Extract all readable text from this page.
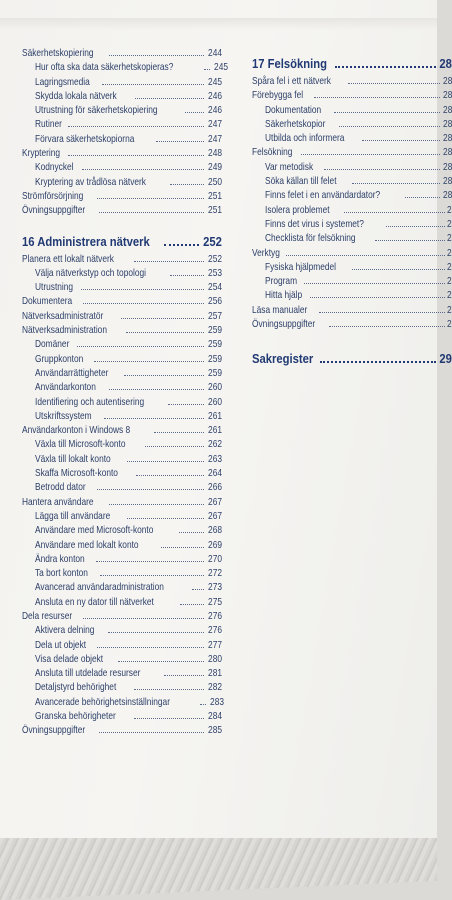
Säkerhetskopiering	244
Hur ofta ska data säkerhetskopieras?	245
Lagringsmedia	245
Skydda lokala nätverk	246
Utrustning för säkerhetskopiering	246
Rutiner	247
Förvara säkerhetskopiorna	247
Kryptering	248
Kodnyckel	249
Kryptering av trådlösa nätverk	250
Strömförsörjning	251
Övningsuppgifter	251
16 Administrera nätverk	252
Planera ett lokalt nätverk	252
Välja nätverkstyp och topologi	253
Utrustning	254
Dokumentera	256
Nätverksadministratör	257
Nätverksadministration	259
Domäner	259
Gruppkonton	259
Användarrättigheter	259
Användarkonton	260
Identifiering och autentisering	260
Utskriftssystem	261
Användarkonton i Windows 8	261
Växla till Microsoft-konto	262
Växla till lokalt konto	263
Skaffa Microsoft-konto	264
Betrodd dator	266
Hantera användare	267
Lägga till användare	267
Användare med Microsoft-konto	268
Användare med lokalt konto	269
Ändra konton	270
Ta bort konton	272
Avancerad användaradministration	273
Ansluta en ny dator till nätverket	275
Dela resurser	276
Aktivera delning	276
Dela ut objekt	277
Visa delade objekt	280
Ansluta till utdelade resurser	281
Detaljstyrd behörighet	282
Avancerade behörighetsinställningar	283
Granska behörigheter	284
Övningsuppgifter	285
17 Felsökning	28
Spåra fel i ett nätverk	28
Förebygga fel	28
Dokumentation	28
Säkerhetskopior	28
Utbilda och informera	28
Felsökning	28
Var metodisk	28
Söka källan till felet	28
Finns felet i en användardator?	28
Isolera problemet	2
Finns det virus i systemet?	2
Checklista för felsökning	2
Verktyg	2
Fysiska hjälpmedel	2
Program	2
Hitta hjälp	2
Läsa manualer	2
Övningsuppgifter	2
Sakregister	29
